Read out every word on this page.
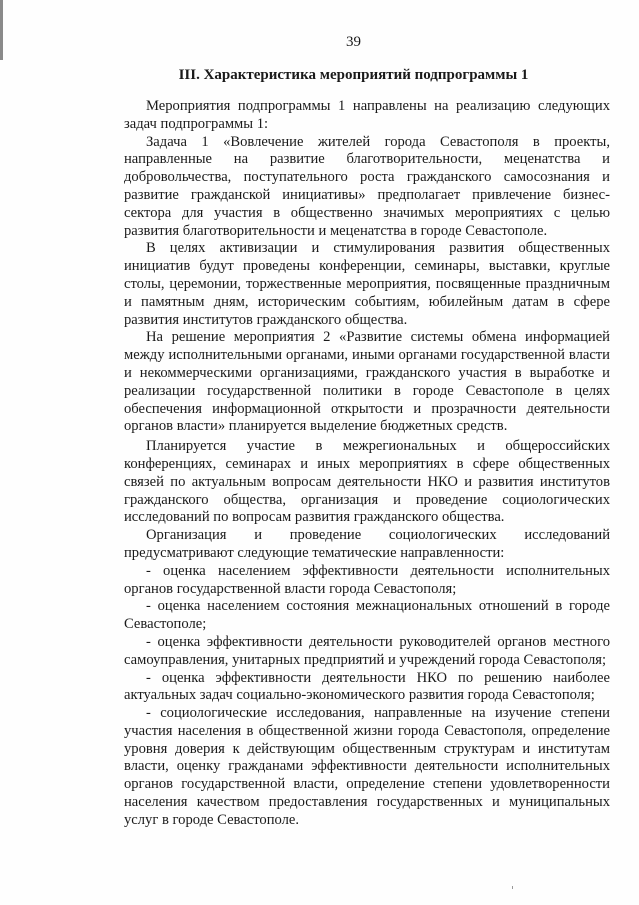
39
III. Характеристика мероприятий подпрограммы 1

Мероприятия подпрограммы 1 направлены на реализацию следующих задач подпрограммы 1:

Задача 1 «Вовлечение жителей города Севастополя в проекты, направленные на развитие благотворительности, меценатства и добровольчества, поступательного роста гражданского самосознания и развитие гражданской инициативы» предполагает привлечение бизнес-сектора для участия в общественно значимых мероприятиях с целью развития благотворительности и меценатства в городе Севастополе.

В целях активизации и стимулирования развития общественных инициатив будут проведены конференции, семинары, выставки, круглые столы, церемонии, торжественные мероприятия, посвященные праздничным и памятным дням, историческим событиям, юбилейным датам в сфере развития институтов гражданского общества.

На решение мероприятия 2 «Развитие системы обмена информацией между исполнительными органами, иными органами государственной власти и некоммерческими организациями, гражданского участия в выработке и реализации государственной политики в городе Севастополе в целях обеспечения информационной открытости и прозрачности деятельности органов власти» планируется выделение бюджетных средств.

Планируется участие в межрегиональных и общероссийских конференциях, семинарах и иных мероприятиях в сфере общественных связей по актуальным вопросам деятельности НКО и развития институтов гражданского общества, организация и проведение социологических исследований по вопросам развития гражданского общества.

Организация и проведение социологических исследований предусматривают следующие тематические направленности:

- оценка населением эффективности деятельности исполнительных органов государственной власти города Севастополя;

- оценка населением состояния межнациональных отношений в городе Севастополе;

- оценка эффективности деятельности руководителей органов местного самоуправления, унитарных предприятий и учреждений города Севастополя;

- оценка эффективности деятельности НКО по решению наиболее актуальных задач социально-экономического развития города Севастополя;

- социологические исследования, направленные на изучение степени участия населения в общественной жизни города Севастополя, определение уровня доверия к действующим общественным структурам и институтам власти, оценку гражданами эффективности деятельности исполнительных органов государственной власти, определение степени удовлетворенности населения качеством предоставления государственных и муниципальных услуг в городе Севастополе.
